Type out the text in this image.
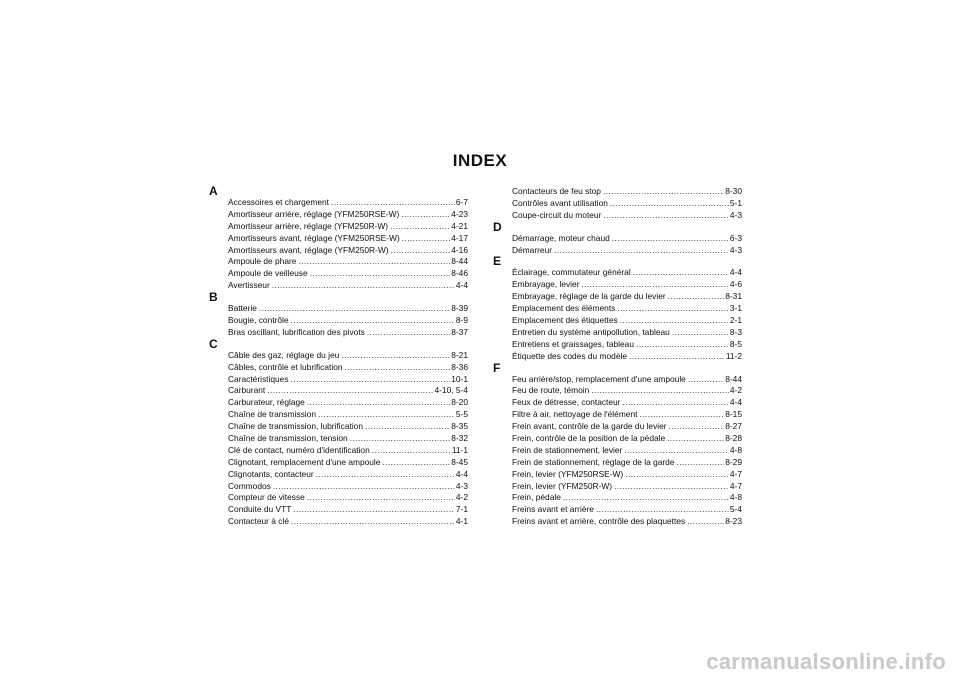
INDEX
A
Accessoires et chargement .....	6-7
Amortisseur arrière, réglage (YFM250RSE-W) .....	4-23
Amortisseur arrière, réglage (YFM250R-W) .....	4-21
Amortisseurs avant, réglage (YFM250RSE-W) .....	4-17
Amortisseurs avant, réglage (YFM250R-W) .....	4-16
Ampoule de phare .....	8-44
Ampoule de veilleuse .....	8-46
Avertisseur .....	4-4
B
Batterie .....	8-39
Bougie, contrôle .....	8-9
Bras oscillant, lubrification des pivots .....	8-37
C
Câble des gaz, réglage du jeu .....	8-21
Câbles, contrôle et lubrification .....	8-36
Caractéristiques .....	10-1
Carburant .....	4-10, 5-4
Carburateur, réglage .....	8-20
Chaîne de transmission .....	5-5
Chaîne de transmission, lubrification .....	8-35
Chaîne de transmission, tension .....	8-32
Clé de contact, numéro d'identification .....	11-1
Clignotant, remplacement d'une ampoule .....	8-45
Clignotants, contacteur .....	4-4
Commodos .....	4-3
Compteur de vitesse .....	4-2
Conduite du VTT .....	7-1
Contacteur à clé .....	4-1
Contacteurs de feu stop .....	8-30
Contrôles avant utilisation .....	5-1
Coupe-circuit du moteur .....	4-3
D
Démarrage, moteur chaud .....	6-3
Démarreur .....	4-3
E
Éclairage, commutateur général .....	4-4
Embrayage, levier .....	4-6
Embrayage, réglage de la garde du levier .....	8-31
Emplacement des éléments .....	3-1
Emplacement des étiquettes .....	2-1
Entretien du système antipollution, tableau .....	8-3
Entretiens et graissages, tableau .....	8-5
Étiquette des codes du modèle .....	11-2
F
Feu arrière/stop, remplacement d'une ampoule .....	8-44
Feu de route, témoin .....	4-2
Feux de détresse, contacteur .....	4-4
Filtre à air, nettoyage de l'élément .....	8-15
Frein avant, contrôle de la garde du levier .....	8-27
Frein, contrôle de la position de la pédale .....	8-28
Frein de stationnement, levier .....	4-8
Frein de stationnement, réglage de la garde .....	8-29
Frein, levier (YFM250RSE-W) .....	4-7
Frein, levier (YFM250R-W) .....	4-7
Frein, pédale .....	4-8
Freins avant et arrière .....	5-4
Freins avant et arrière, contrôle des plaquettes .....	8-23
carmanualsonline.info
